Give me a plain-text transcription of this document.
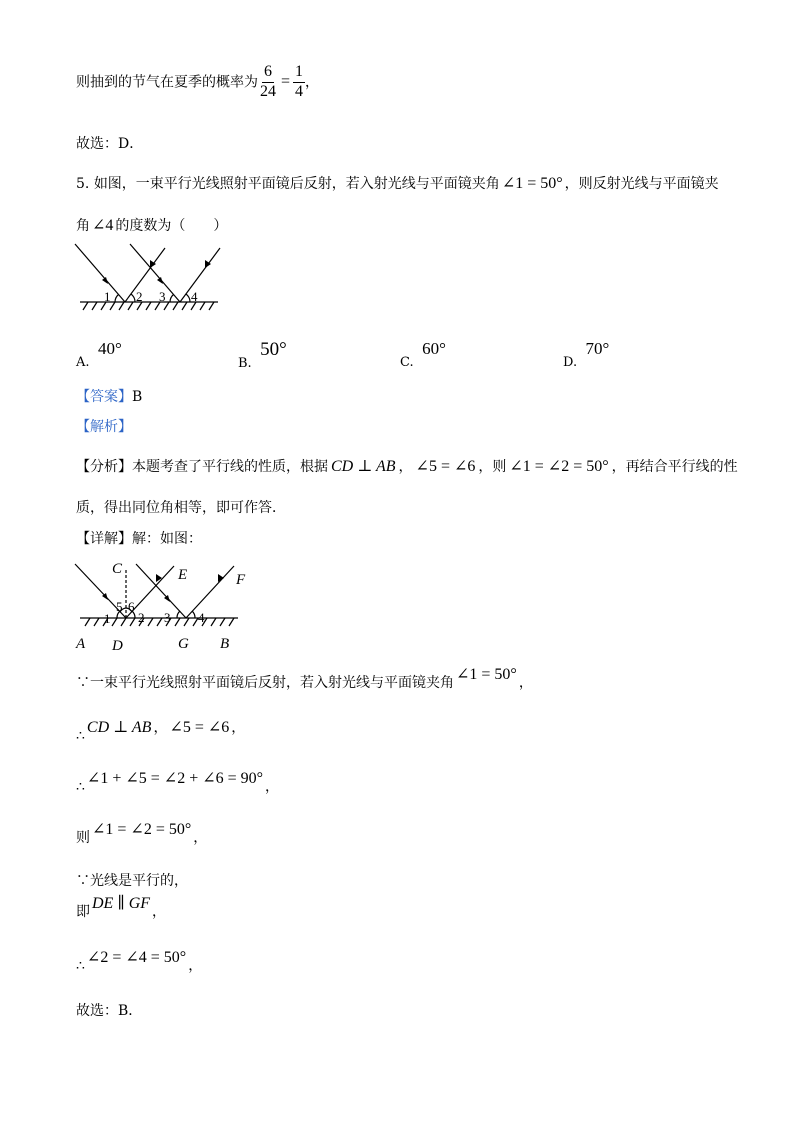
则抽到的节气在夏季的概率为 $\frac{6}{24} = \frac{1}{4}$ ，
故选：D．
5. 如图，一束平行光线照射平面镜后反射，若入射光线与平面镜夹角 ∠1 = 50° ，则反射光线与平面镜夹
角 ∠4 的度数为（　　）
1 2 3 4
A. 40°
B. 50°
C. 60°
D. 70°
【答案】B
【解析】
【分析】本题考查了平行线的性质，根据 CD ⊥ AB ， ∠5 = ∠6 ，则 ∠1 = ∠2 = 50° ，再结合平行线的性
质，得出同位角相等，即可作答．
【详解】解：如图：
C	E	F
A D	G B
1 2 3 4
5 6
∵一束平行光线照射平面镜后反射，若入射光线与平面镜夹角 ∠1 = 50° ，
∴ CD ⊥ AB ， ∠5 = ∠6 ，
∴ ∠1 + ∠5 = ∠2 + ∠6 = 90° ，
则 ∠1 = ∠2 = 50° ，
∵光线是平行的，
即 DE ∥ GF ，
∴ ∠2 = ∠4 = 50° ，
故选：B．
